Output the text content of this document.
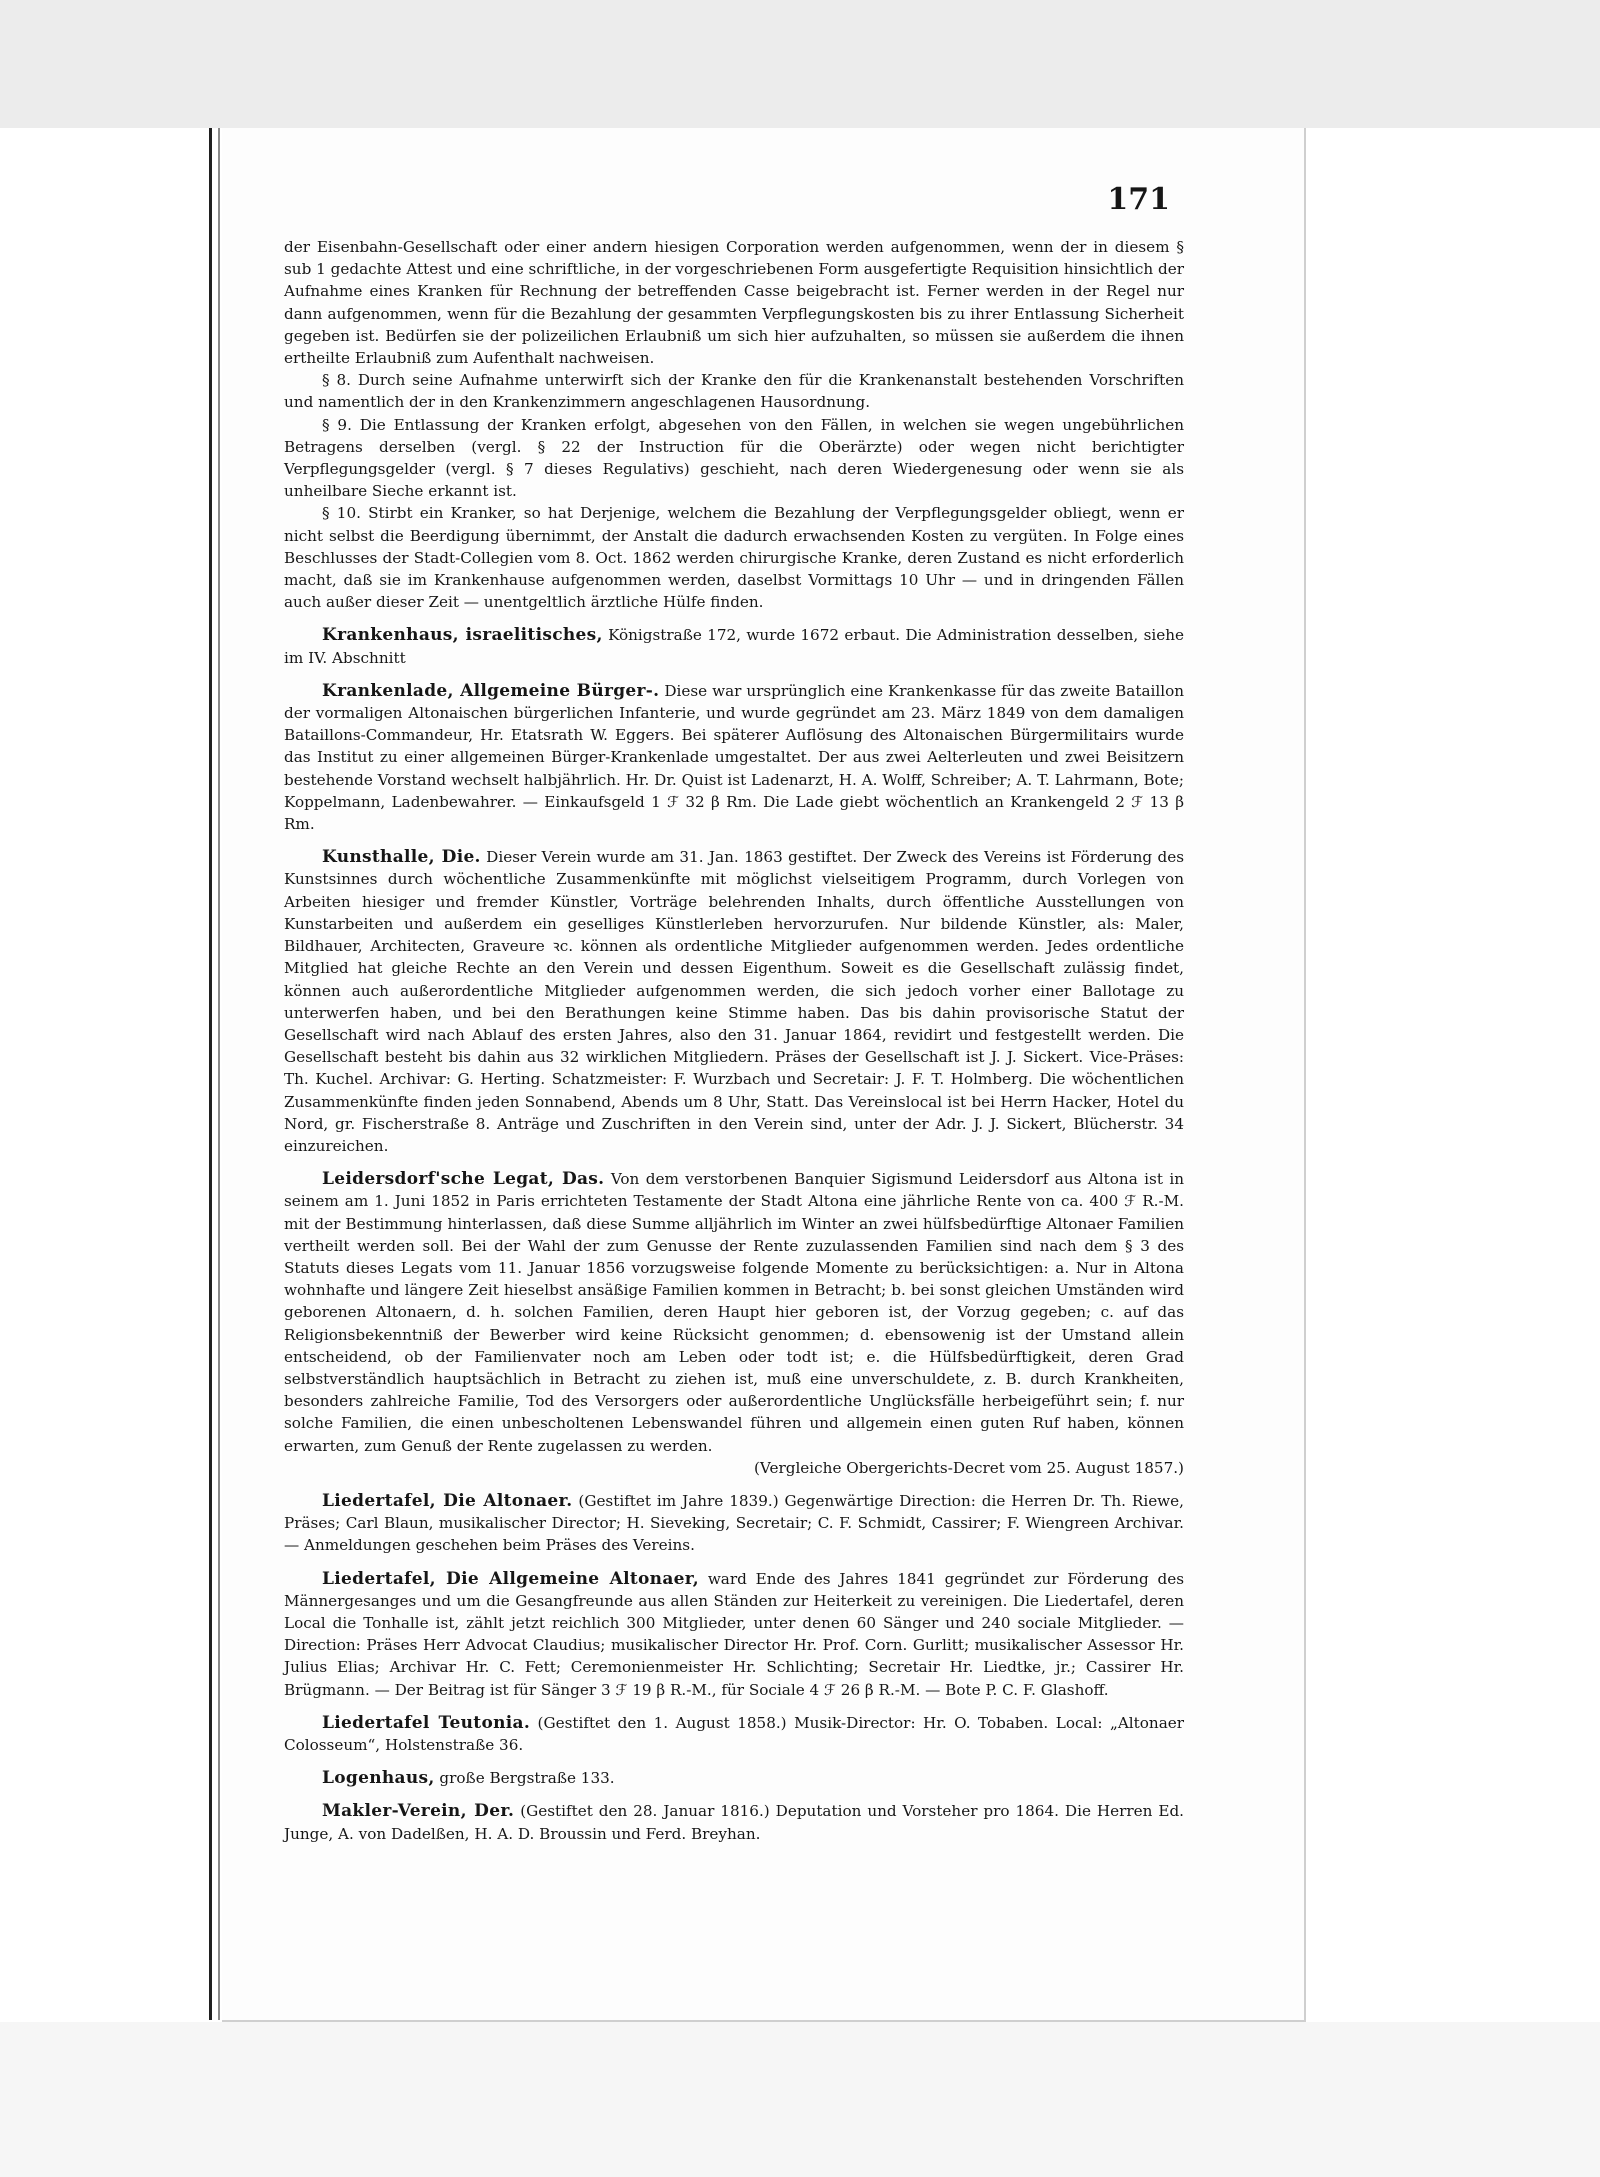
171

der Eisenbahn-Gesellschaft oder einer andern hiesigen Corporation werden aufgenommen, wenn der in diesem § sub 1 gedachte Attest und eine schriftliche, in der vorgeschriebenen Form ausgefertigte Requisition hinsichtlich der Aufnahme eines Kranken für Rechnung der betreffenden Casse beigebracht ist. Ferner werden in der Regel nur dann aufgenommen, wenn für die Bezahlung der gesammten Verpflegungskosten bis zu ihrer Entlassung Sicherheit gegeben ist. Bedürfen sie der polizeilichen Erlaubniß um sich hier aufzuhalten, so müssen sie außerdem die ihnen ertheilte Erlaubniß zum Aufenthalt nachweisen.

§ 8. Durch seine Aufnahme unterwirft sich der Kranke den für die Krankenanstalt bestehenden Vorschriften und namentlich der in den Krankenzimmern angeschlagenen Hausordnung.

§ 9. Die Entlassung der Kranken erfolgt, abgesehen von den Fällen, in welchen sie wegen ungebührlichen Betragens derselben (vergl. § 22 der Instruction für die Oberärzte) oder wegen nicht berichtigter Verpflegungsgelder (vergl. § 7 dieses Regulativs) geschieht, nach deren Wiedergenesung oder wenn sie als unheilbare Sieche erkannt ist.

§ 10. Stirbt ein Kranker, so hat Derjenige, welchem die Bezahlung der Verpflegungsgelder obliegt, wenn er nicht selbst die Beerdigung übernimmt, der Anstalt die dadurch erwachsenden Kosten zu vergüten. In Folge eines Beschlusses der Stadt-Collegien vom 8. Oct. 1862 werden chirurgische Kranke, deren Zustand es nicht erforderlich macht, daß sie im Krankenhause aufgenommen werden, daselbst Vormittags 10 Uhr — und in dringenden Fällen auch außer dieser Zeit — unentgeltlich ärztliche Hülfe finden.

Krankenhaus, israelitisches, Königstraße 172, wurde 1672 erbaut. Die Administration desselben, siehe im IV. Abschnitt

Krankenlade, Allgemeine Bürger-. Diese war ursprünglich eine Krankenkasse für das zweite Bataillon der vormaligen Altonaischen bürgerlichen Infanterie, und wurde gegründet am 23. März 1849 von dem damaligen Bataillons-Commandeur, Hr. Etatsrath W. Eggers. Bei späterer Auflösung des Altonaischen Bürgermilitairs wurde das Institut zu einer allgemeinen Bürger-Krankenlade umgestaltet. Der aus zwei Aelterleuten und zwei Beisitzern bestehende Vorstand wechselt halbjährlich. Hr. Dr. Quist ist Ladenarzt, H. A. Wolff, Schreiber; A. T. Lahrmann, Bote; Koppelmann, Ladenbewahrer. — Einkaufsgeld 1 ℱ 32 β Rm. Die Lade giebt wöchentlich an Krankengeld 2 ℱ 13 β Rm.

Kunsthalle, Die. Dieser Verein wurde am 31. Jan. 1863 gestiftet. Der Zweck des Vereins ist Förderung des Kunstsinnes durch wöchentliche Zusammenkünfte mit möglichst vielseitigem Programm, durch Vorlegen von Arbeiten hiesiger und fremder Künstler, Vorträge belehrenden Inhalts, durch öffentliche Ausstellungen von Kunstarbeiten und außerdem ein geselliges Künstlerleben hervorzurufen. Nur bildende Künstler, als: Maler, Bildhauer, Architecten, Graveure ꝛc. können als ordentliche Mitglieder aufgenommen werden. Jedes ordentliche Mitglied hat gleiche Rechte an den Verein und dessen Eigenthum. Soweit es die Gesellschaft zulässig findet, können auch außerordentliche Mitglieder aufgenommen werden, die sich jedoch vorher einer Ballotage zu unterwerfen haben, und bei den Berathungen keine Stimme haben. Das bis dahin provisorische Statut der Gesellschaft wird nach Ablauf des ersten Jahres, also den 31. Januar 1864, revidirt und festgestellt werden. Die Gesellschaft besteht bis dahin aus 32 wirklichen Mitgliedern. Präses der Gesellschaft ist J. J. Sickert. Vice-Präses: Th. Kuchel. Archivar: G. Herting. Schatzmeister: F. Wurzbach und Secretair: J. F. T. Holmberg. Die wöchentlichen Zusammenkünfte finden jeden Sonnabend, Abends um 8 Uhr, Statt. Das Vereinslocal ist bei Herrn Hacker, Hotel du Nord, gr. Fischerstraße 8. Anträge und Zuschriften in den Verein sind, unter der Adr. J. J. Sickert, Blücherstr. 34 einzureichen.

Leidersdorf'sche Legat, Das. Von dem verstorbenen Banquier Sigismund Leidersdorf aus Altona ist in seinem am 1. Juni 1852 in Paris errichteten Testamente der Stadt Altona eine jährliche Rente von ca. 400 ℱ R.-M. mit der Bestimmung hinterlassen, daß diese Summe alljährlich im Winter an zwei hülfsbedürftige Altonaer Familien vertheilt werden soll. Bei der Wahl der zum Genusse der Rente zuzulassenden Familien sind nach dem § 3 des Statuts dieses Legats vom 11. Januar 1856 vorzugsweise folgende Momente zu berücksichtigen: a. Nur in Altona wohnhafte und längere Zeit hieselbst ansäßige Familien kommen in Betracht; b. bei sonst gleichen Umständen wird geborenen Altonaern, d. h. solchen Familien, deren Haupt hier geboren ist, der Vorzug gegeben; c. auf das Religionsbekenntniß der Bewerber wird keine Rücksicht genommen; d. ebensowenig ist der Umstand allein entscheidend, ob der Familienvater noch am Leben oder todt ist; e. die Hülfsbedürftigkeit, deren Grad selbstverständlich hauptsächlich in Betracht zu ziehen ist, muß eine unverschuldete, z. B. durch Krankheiten, besonders zahlreiche Familie, Tod des Versorgers oder außerordentliche Unglücksfälle herbeigeführt sein; f. nur solche Familien, die einen unbescholtenen Lebenswandel führen und allgemein einen guten Ruf haben, können erwarten, zum Genuß der Rente zugelassen zu werden.

(Vergleiche Obergerichts-Decret vom 25. August 1857.)

Liedertafel, Die Altonaer. (Gestiftet im Jahre 1839.) Gegenwärtige Direction: die Herren Dr. Th. Riewe, Präses; Carl Blaun, musikalischer Director; H. Sieveking, Secretair; C. F. Schmidt, Cassirer; F. Wiengreen Archivar. — Anmeldungen geschehen beim Präses des Vereins.

Liedertafel, Die Allgemeine Altonaer, ward Ende des Jahres 1841 gegründet zur Förderung des Männergesanges und um die Gesangfreunde aus allen Ständen zur Heiterkeit zu vereinigen. Die Liedertafel, deren Local die Tonhalle ist, zählt jetzt reichlich 300 Mitglieder, unter denen 60 Sänger und 240 sociale Mitglieder. — Direction: Präses Herr Advocat Claudius; musikalischer Director Hr. Prof. Corn. Gurlitt; musikalischer Assessor Hr. Julius Elias; Archivar Hr. C. Fett; Ceremonienmeister Hr. Schlichting; Secretair Hr. Liedtke, jr.; Cassirer Hr. Brügmann. — Der Beitrag ist für Sänger 3 ℱ 19 β R.-M., für Sociale 4 ℱ 26 β R.-M. — Bote P. C. F. Glashoff.

Liedertafel Teutonia. (Gestiftet den 1. August 1858.) Musik-Director: Hr. O. Tobaben. Local: „Altonaer Colosseum“, Holstenstraße 36.

Logenhaus, große Bergstraße 133.

Makler-Verein, Der. (Gestiftet den 28. Januar 1816.) Deputation und Vorsteher pro 1864. Die Herren Ed. Junge, A. von Dadelßen, H. A. D. Broussin und Ferd. Breyhan.
